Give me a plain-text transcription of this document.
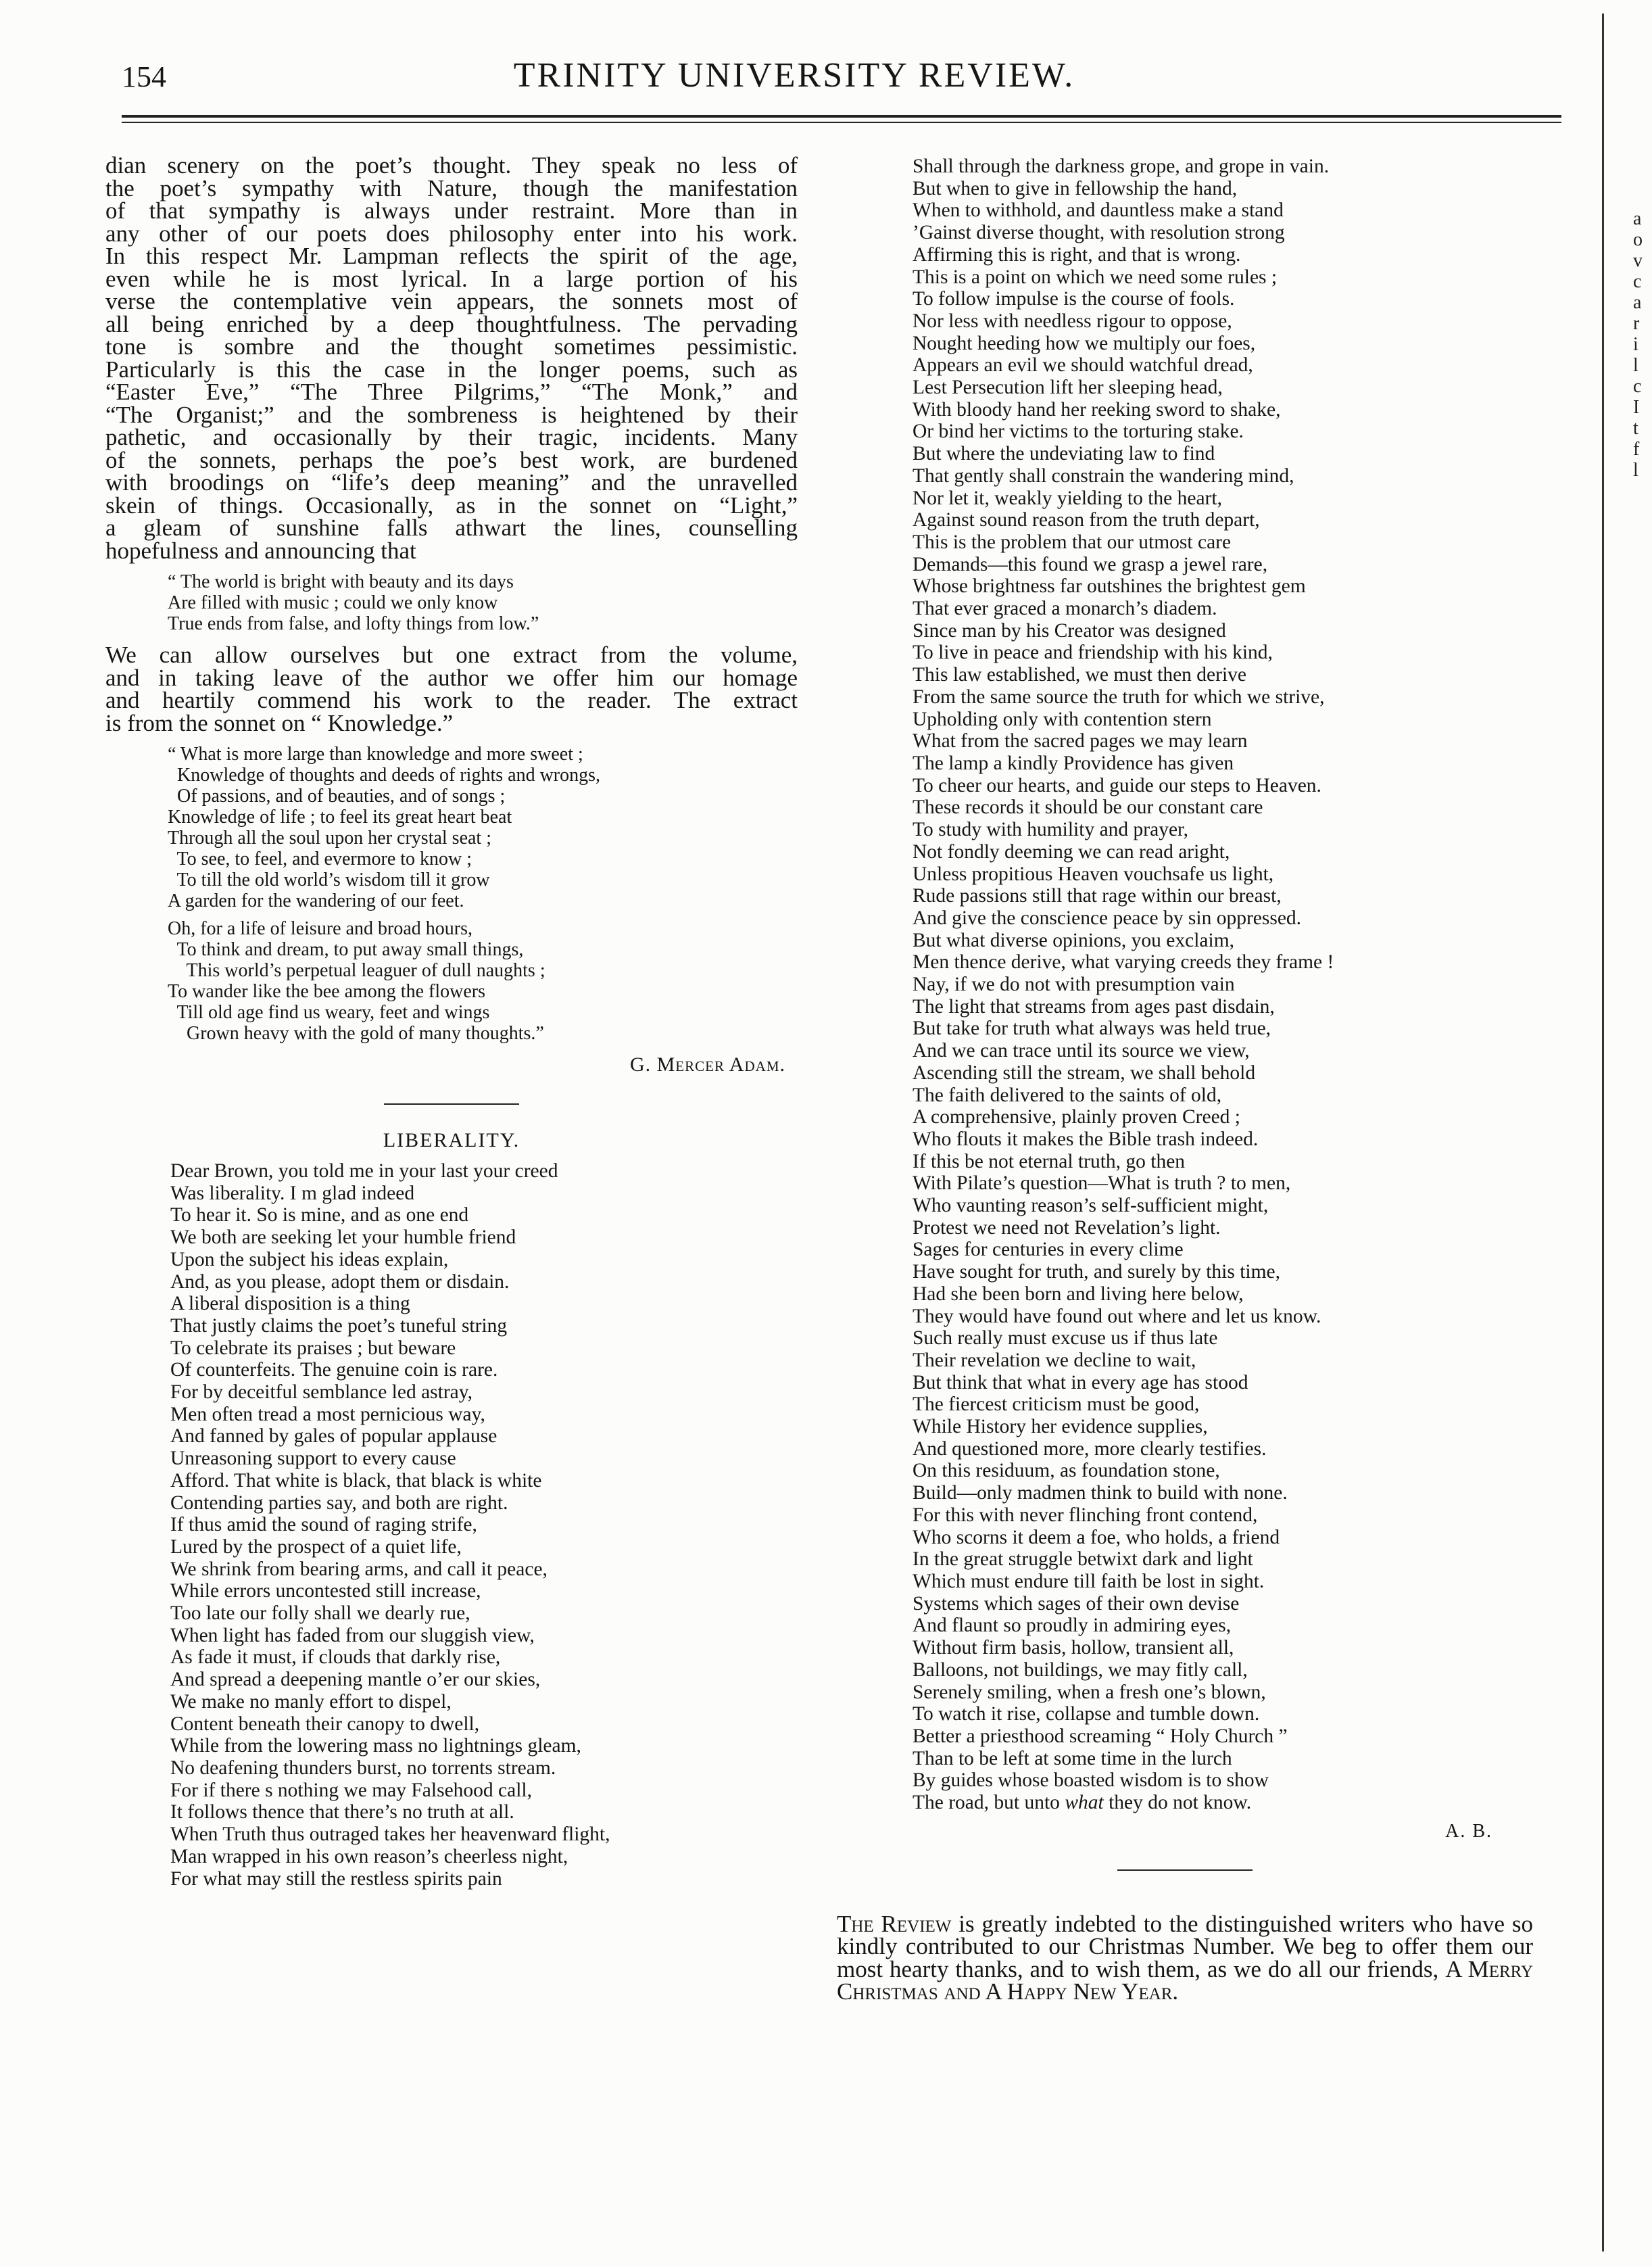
154	TRINITY UNIVERSITY REVIEW.
dian scenery on the poet’s thought. They speak no less of
the poet’s sympathy with Nature, though the manifestation
of that sympathy is always under restraint. More than in
any other of our poets does philosophy enter into his work.
In this respect Mr. Lampman reflects the spirit of the age,
even while he is most lyrical. In a large portion of his
verse the contemplative vein appears, the sonnets most of
all being enriched by a deep thoughtfulness. The pervading
tone is sombre and the thought sometimes pessimistic.
Particularly is this the case in the longer poems, such as
“Easter Eve,” “The Three Pilgrims,” “The Monk,” and
“The Organist;” and the sombreness is heightened by their
pathetic, and occasionally by their tragic, incidents. Many
of the sonnets, perhaps the poe’s best work, are burdened
with broodings on “life’s deep meaning” and the unravelled
skein of things. Occasionally, as in the sonnet on “Light,”
a gleam of sunshine falls athwart the lines, counselling
hopefulness and announcing that
“ The world is bright with beauty and its days
Are filled with music ; could we only know
True ends from false, and lofty things from low.”
We can allow ourselves but one extract from the volume,
and in taking leave of the author we offer him our homage
and heartily commend his work to the reader. The extract
is from the sonnet on “ Knowledge.”
“ What is more large than knowledge and more sweet ;
Knowledge of thoughts and deeds of rights and wrongs,
Of passions, and of beauties, and of songs ;
Knowledge of life ; to feel its great heart beat
Through all the soul upon her crystal seat ;
To see, to feel, and evermore to know ;
To till the old world’s wisdom till it grow
A garden for the wandering of our feet.
Oh, for a life of leisure and broad hours,
To think and dream, to put away small things,
This world’s perpetual leaguer of dull naughts ;
To wander like the bee among the flowers
Till old age find us weary, feet and wings
Grown heavy with the gold of many thoughts.”
G. Mercer Adam.
LIBERALITY.
Dear Brown, you told me in your last your creed
Was liberality. I m glad indeed
To hear it. So is mine, and as one end
We both are seeking let your humble friend
Upon the subject his ideas explain,
And, as you please, adopt them or disdain.
A liberal disposition is a thing
That justly claims the poet’s tuneful string
To celebrate its praises ; but beware
Of counterfeits. The genuine coin is rare.
For by deceitful semblance led astray,
Men often tread a most pernicious way,
And fanned by gales of popular applause
Unreasoning support to every cause
Afford. That white is black, that black is white
Contending parties say, and both are right.
If thus amid the sound of raging strife,
Lured by the prospect of a quiet life,
We shrink from bearing arms, and call it peace,
While errors uncontested still increase,
Too late our folly shall we dearly rue,
When light has faded from our sluggish view,
As fade it must, if clouds that darkly rise,
And spread a deepening mantle o’er our skies,
We make no manly effort to dispel,
Content beneath their canopy to dwell,
While from the lowering mass no lightnings gleam,
No deafening thunders burst, no torrents stream.
For if there s nothing we may Falsehood call,
It follows thence that there’s no truth at all.
When Truth thus outraged takes her heavenward flight,
Man wrapped in his own reason’s cheerless night,
For what may still the restless spirits pain
Shall through the darkness grope, and grope in vain.
But when to give in fellowship the hand,
When to withhold, and dauntless make a stand
’Gainst diverse thought, with resolution strong
Affirming this is right, and that is wrong.
This is a point on which we need some rules ;
To follow impulse is the course of fools.
Nor less with needless rigour to oppose,
Nought heeding how we multiply our foes,
Appears an evil we should watchful dread,
Lest Persecution lift her sleeping head,
With bloody hand her reeking sword to shake,
Or bind her victims to the torturing stake.
But where the undeviating law to find
That gently shall constrain the wandering mind,
Nor let it, weakly yielding to the heart,
Against sound reason from the truth depart,
This is the problem that our utmost care
Demands—this found we grasp a jewel rare,
Whose brightness far outshines the brightest gem
That ever graced a monarch’s diadem.
Since man by his Creator was designed
To live in peace and friendship with his kind,
This law established, we must then derive
From the same source the truth for which we strive,
Upholding only with contention stern
What from the sacred pages we may learn
The lamp a kindly Providence has given
To cheer our hearts, and guide our steps to Heaven.
These records it should be our constant care
To study with humility and prayer,
Not fondly deeming we can read aright,
Unless propitious Heaven vouchsafe us light,
Rude passions still that rage within our breast,
And give the conscience peace by sin oppressed.
But what diverse opinions, you exclaim,
Men thence derive, what varying creeds they frame !
Nay, if we do not with presumption vain
The light that streams from ages past disdain,
But take for truth what always was held true,
And we can trace until its source we view,
Ascending still the stream, we shall behold
The faith delivered to the saints of old,
A comprehensive, plainly proven Creed ;
Who flouts it makes the Bible trash indeed.
If this be not eternal truth, go then
With Pilate’s question—What is truth ? to men,
Who vaunting reason’s self-sufficient might,
Protest we need not Revelation’s light.
Sages for centuries in every clime
Have sought for truth, and surely by this time,
Had she been born and living here below,
They would have found out where and let us know.
Such really must excuse us if thus late
Their revelation we decline to wait,
But think that what in every age has stood
The fiercest criticism must be good,
While History her evidence supplies,
And questioned more, more clearly testifies.
On this residuum, as foundation stone,
Build—only madmen think to build with none.
For this with never flinching front contend,
Who scorns it deem a foe, who holds, a friend
In the great struggle betwixt dark and light
Which must endure till faith be lost in sight.
Systems which sages of their own devise
And flaunt so proudly in admiring eyes,
Without firm basis, hollow, transient all,
Balloons, not buildings, we may fitly call,
Serenely smiling, when a fresh one’s blown,
To watch it rise, collapse and tumble down.
Better a priesthood screaming “ Holy Church ”
Than to be left at some time in the lurch
By guides whose boasted wisdom is to show
The road, but unto what they do not know.
A. B.

The Review is greatly indebted to the distinguished writers who have so kindly contributed to our Christmas Number. We beg to offer them our most hearty thanks, and to wish them, as we do all our friends, A Merry Christmas and A Happy New Year.

a
o
v
c
a
r
i
l
c
I
t
f
l
